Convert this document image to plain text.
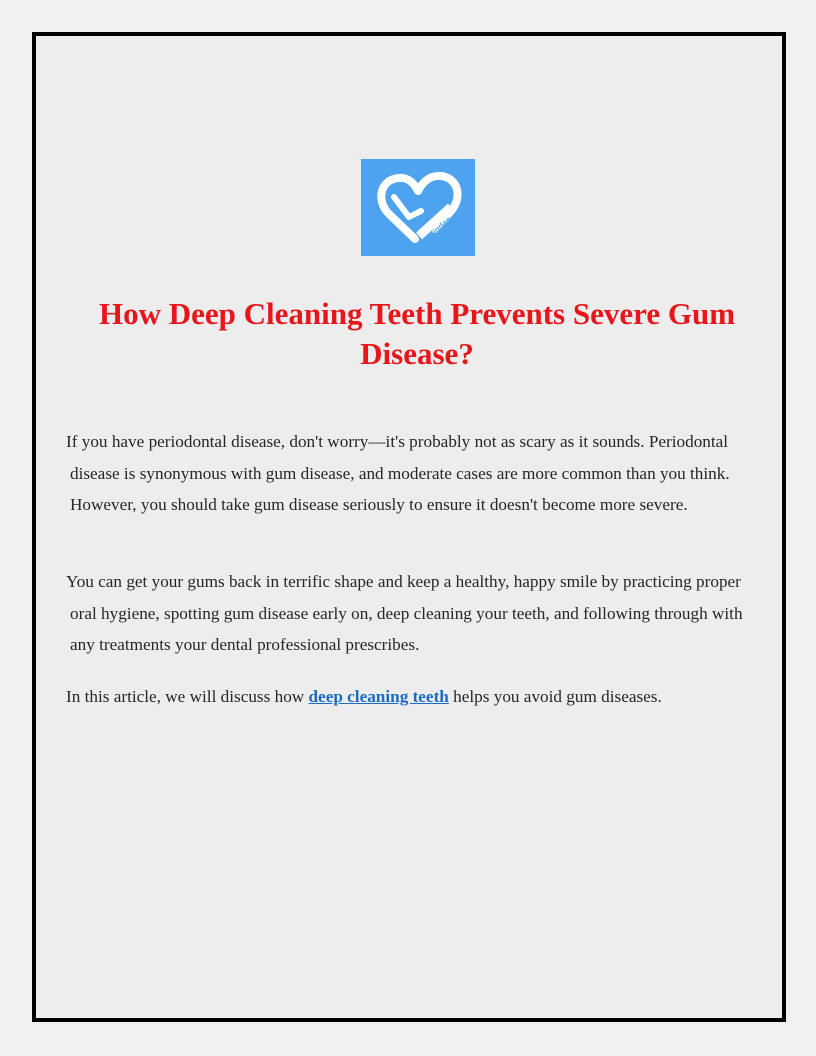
Veligdan
How Deep Cleaning Teeth Prevents Severe Gum Disease?

If you have periodontal disease, don't worry—it's probably not as scary as it sounds. Periodontal disease is synonymous with gum disease, and moderate cases are more common than you think. However, you should take gum disease seriously to ensure it doesn't become more severe.

You can get your gums back in terrific shape and keep a healthy, happy smile by practicing proper oral hygiene, spotting gum disease early on, deep cleaning your teeth, and following through with any treatments your dental professional prescribes.

In this article, we will discuss how deep cleaning teeth helps you avoid gum diseases.
